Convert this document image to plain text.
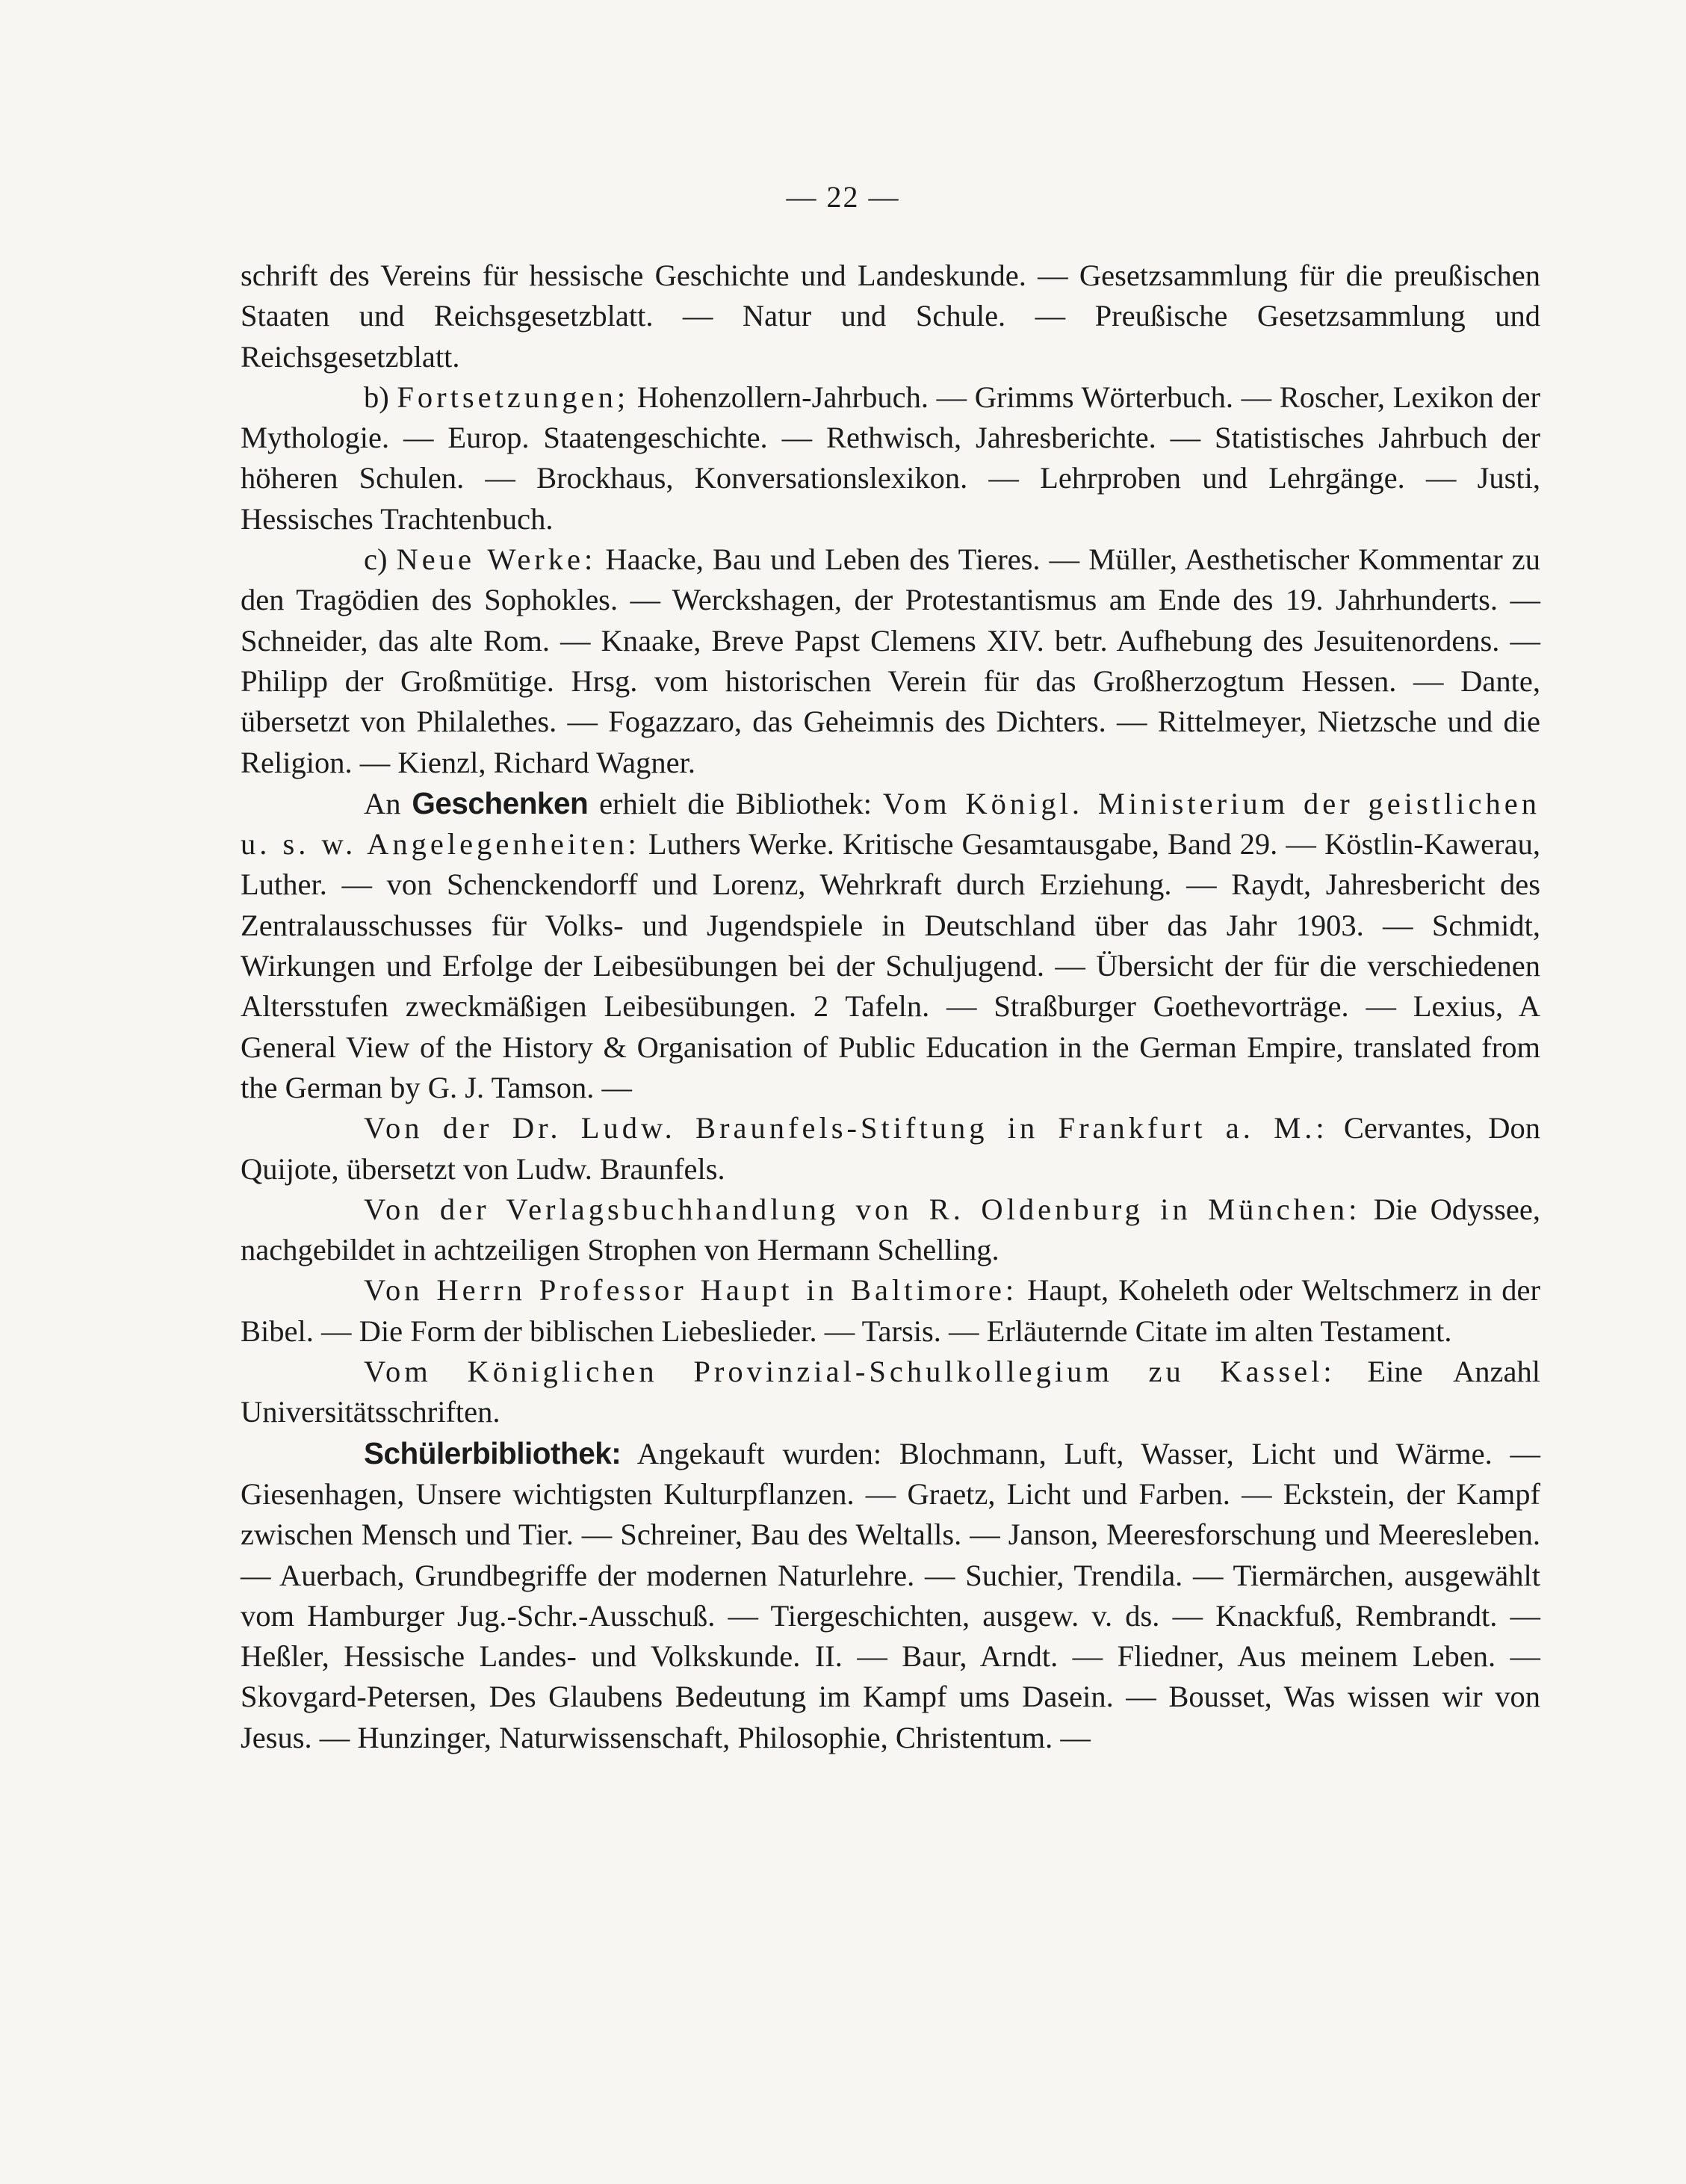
— 22 —

schrift des Vereins für hessische Geschichte und Landeskunde. — Gesetzsammlung für die preußischen Staaten und Reichsgesetzblatt. — Natur und Schule. — Preußische Gesetzsammlung und Reichsgesetzblatt.

b) Fortsetzungen; Hohenzollern-Jahrbuch. — Grimms Wörterbuch. — Roscher, Lexikon der Mythologie. — Europ. Staatengeschichte. — Rethwisch, Jahresberichte. — Statistisches Jahrbuch der höheren Schulen. — Brockhaus, Konversationslexikon. — Lehrproben und Lehrgänge. — Justi, Hessisches Trachtenbuch.

c) Neue Werke: Haacke, Bau und Leben des Tieres. — Müller, Aesthetischer Kommentar zu den Tragödien des Sophokles. — Werckshagen, der Protestantismus am Ende des 19. Jahrhunderts. — Schneider, das alte Rom. — Knaake, Breve Papst Clemens XIV. betr. Aufhebung des Jesuitenordens. — Philipp der Großmütige. Hrsg. vom historischen Verein für das Großherzogtum Hessen. — Dante, übersetzt von Philalethes. — Fogazzaro, das Geheimnis des Dichters. — Rittelmeyer, Nietzsche und die Religion. — Kienzl, Richard Wagner.

An Geschenken erhielt die Bibliothek: Vom Königl. Ministerium der geistlichen u. s. w. Angelegenheiten: Luthers Werke. Kritische Gesamtausgabe, Band 29. — Köstlin-Kawerau, Luther. — von Schenckendorff und Lorenz, Wehrkraft durch Erziehung. — Raydt, Jahresbericht des Zentralausschusses für Volks- und Jugendspiele in Deutschland über das Jahr 1903. — Schmidt, Wirkungen und Erfolge der Leibesübungen bei der Schuljugend. — Übersicht der für die verschiedenen Altersstufen zweckmäßigen Leibesübungen. 2 Tafeln. — Straßburger Goethevorträge. — Lexius, A General View of the History & Organisation of Public Education in the German Empire, translated from the German by G. J. Tamson. —

Von der Dr. Ludw. Braunfels-Stiftung in Frankfurt a. M.: Cervantes, Don Quijote, übersetzt von Ludw. Braunfels.

Von der Verlagsbuchhandlung von R. Oldenburg in München: Die Odyssee, nachgebildet in achtzeiligen Strophen von Hermann Schelling.

Von Herrn Professor Haupt in Baltimore: Haupt, Koheleth oder Weltschmerz in der Bibel. — Die Form der biblischen Liebeslieder. — Tarsis. — Erläuternde Citate im alten Testament.

Vom Königlichen Provinzial-Schulkollegium zu Kassel: Eine Anzahl Universitätsschriften.

Schülerbibliothek: Angekauft wurden: Blochmann, Luft, Wasser, Licht und Wärme. — Giesenhagen, Unsere wichtigsten Kulturpflanzen. — Graetz, Licht und Farben. — Eckstein, der Kampf zwischen Mensch und Tier. — Schreiner, Bau des Weltalls. — Janson, Meeresforschung und Meeresleben. — Auerbach, Grundbegriffe der modernen Naturlehre. — Suchier, Trendila. — Tiermärchen, ausgewählt vom Hamburger Jug.-Schr.-Ausschuß. — Tiergeschichten, ausgew. v. ds. — Knackfuß, Rembrandt. — Heßler, Hessische Landes- und Volkskunde. II. — Baur, Arndt. — Fliedner, Aus meinem Leben. — Skovgard-Petersen, Des Glaubens Bedeutung im Kampf ums Dasein. — Bousset, Was wissen wir von Jesus. — Hunzinger, Naturwissenschaft, Philosophie, Christentum. —
